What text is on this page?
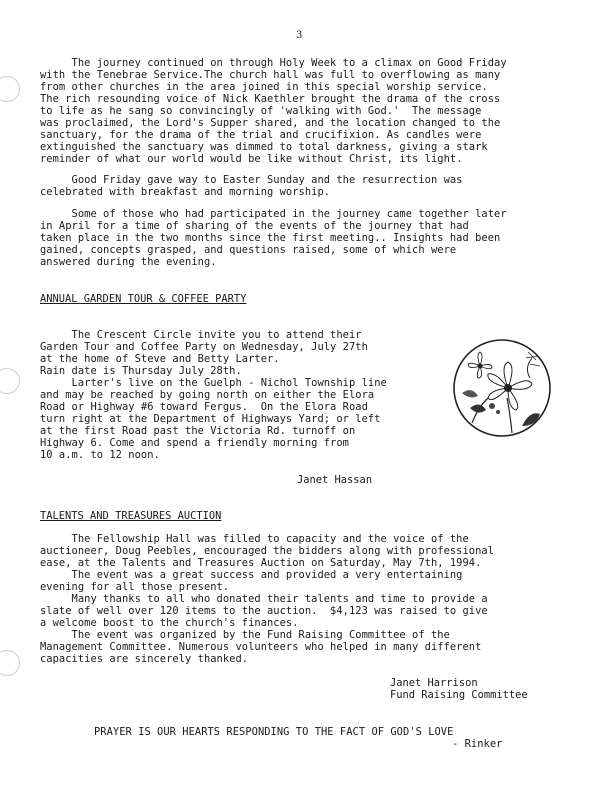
3
The journey continued on through Holy Week to a climax on Good Friday
with the Tenebrae Service.The church hall was full to overflowing as many
from other churches in the area joined in this special worship service.
The rich resounding voice of Nick Kaethler brought the drama of the cross
to life as he sang so convincingly of 'walking with God.'  The message
was proclaimed, the Lord's Supper shared, and the location changed to the
sanctuary, for the drama of the trial and crucifixion. As candles were
extinguished the sanctuary was dimmed to total darkness, giving a stark
reminder of what our world would be like without Christ, its light.
Good Friday gave way to Easter Sunday and the resurrection was
celebrated with breakfast and morning worship.
Some of those who had participated in the journey came together later
in April for a time of sharing of the events of the journey that had
taken place in the two months since the first meeting.. Insights had been
gained, concepts grasped, and questions raised, some of which were
answered during the evening.
ANNUAL GARDEN TOUR & COFFEE PARTY
The Crescent Circle invite you to attend their
Garden Tour and Coffee Party on Wednesday, July 27th
at the home of Steve and Betty Larter.
Rain date is Thursday July 28th.
Larter's live on the Guelph - Nichol Township line
and may be reached by going north on either the Elora
Road or Highway #6 toward Fergus.  On the Elora Road
turn right at the Department of Highways Yard; or left
at the first Road past the Victoria Rd. turnoff on
Highway 6. Come and spend a friendly morning from
10 a.m. to 12 noon.
Janet Hassan
TALENTS AND TREASURES AUCTION
The Fellowship Hall was filled to capacity and the voice of the
auctioneer, Doug Peebles, encouraged the bidders along with professional
ease, at the Talents and Treasures Auction on Saturday, May 7th, 1994.
The event was a great success and provided a very entertaining
evening for all those present.
Many thanks to all who donated their talents and time to provide a
slate of well over 120 items to the auction.  $4,123 was raised to give
a welcome boost to the church's finances.
The event was organized by the Fund Raising Committee of the
Management Committee. Numerous volunteers who helped in many different
capacities are sincerely thanked.
Janet Harrison
Fund Raising Committee
PRAYER IS OUR HEARTS RESPONDING TO THE FACT OF GOD'S LOVE
- Rinker
